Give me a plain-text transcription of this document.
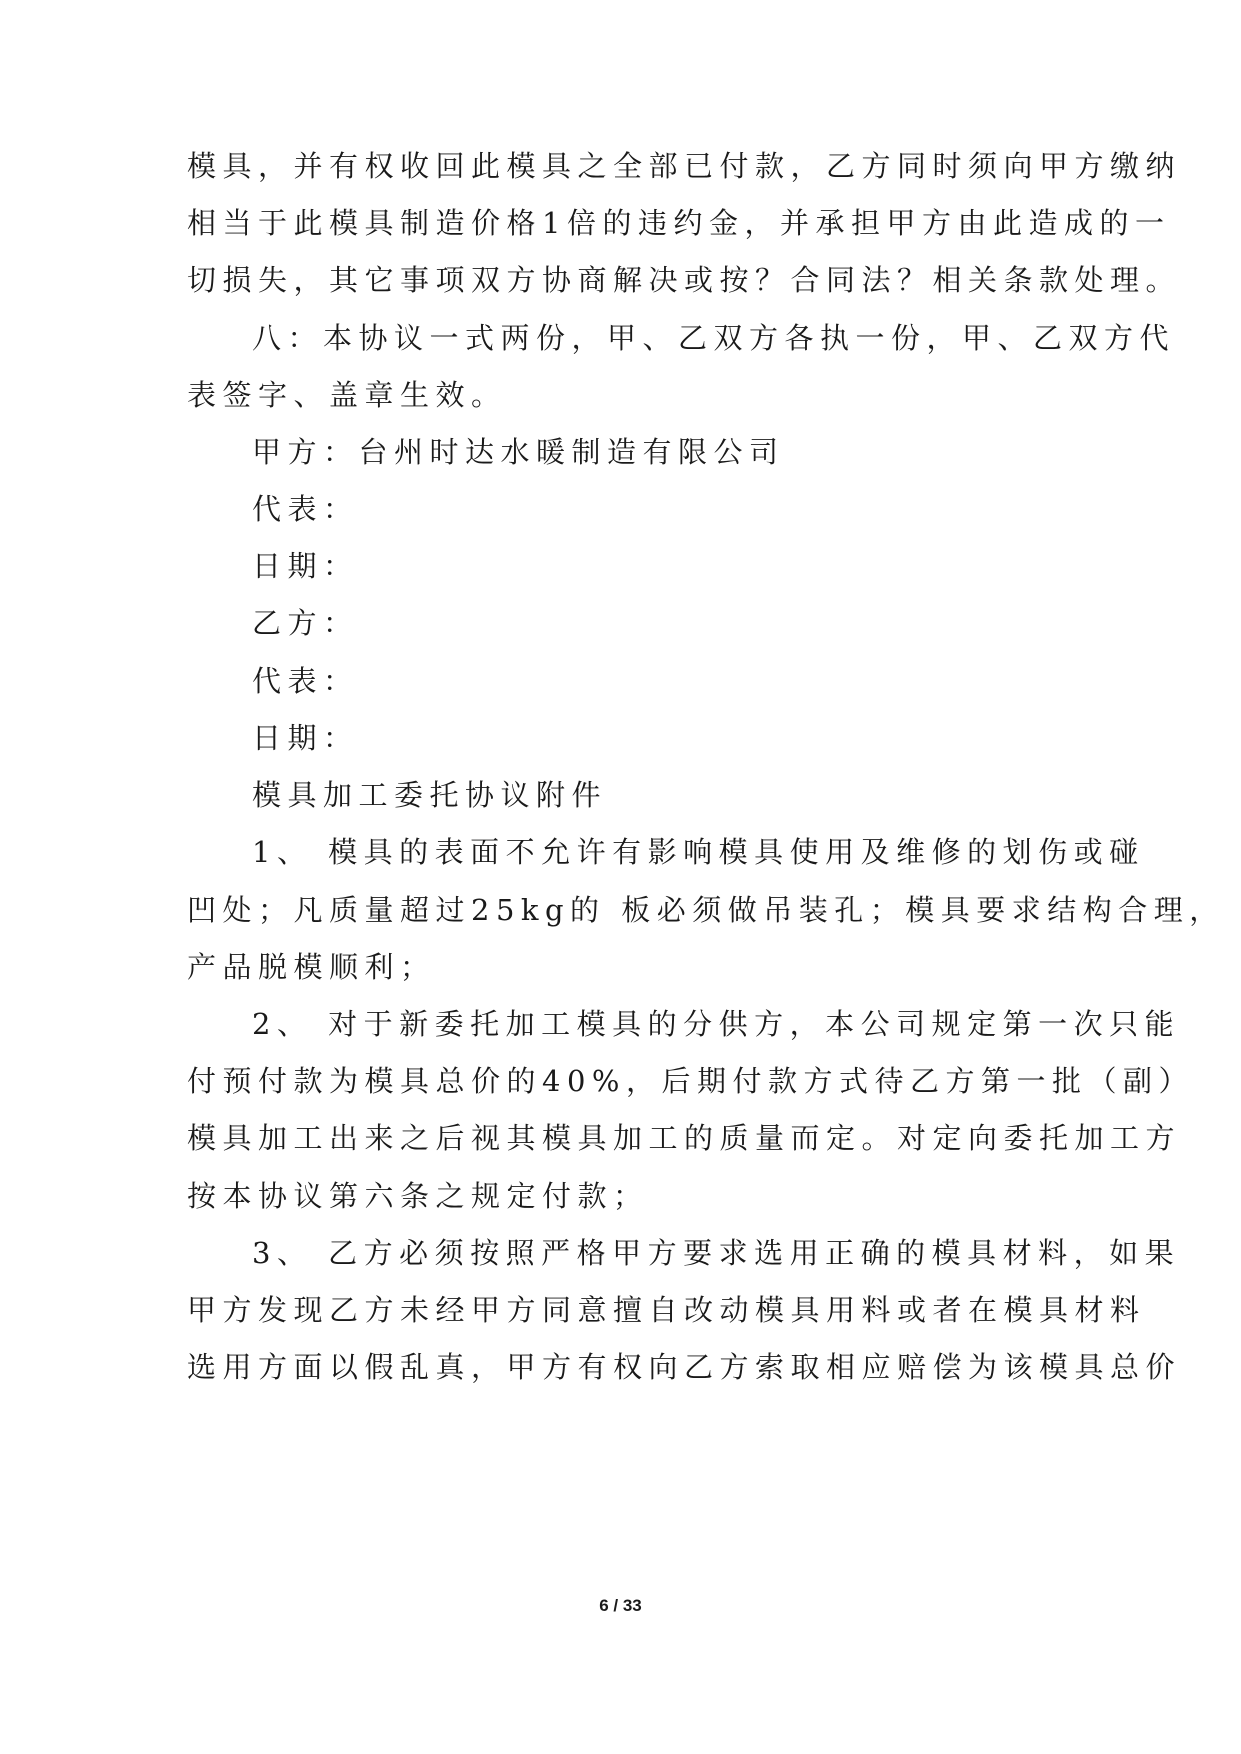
模具，并有权收回此模具之全部已付款，乙方同时须向甲方缴纳
相当于此模具制造价格1倍的违约金，并承担甲方由此造成的一
切损失，其它事项双方协商解决或按？合同法？相关条款处理。
八：本协议一式两份，甲、乙双方各执一份，甲、乙双方代
表签字、盖章生效。
甲方：台州时达水暖制造有限公司
代表：
日期：
乙方：
代表：
日期：
模具加工委托协议附件
1、 模具的表面不允许有影响模具使用及维修的划伤或碰
凹处；凡质量超过25kg的 板必须做吊装孔；模具要求结构合理，
产品脱模顺利；
2、 对于新委托加工模具的分供方，本公司规定第一次只能
付预付款为模具总价的40%，后期付款方式待乙方第一批（副）
模具加工出来之后视其模具加工的质量而定。对定向委托加工方
按本协议第六条之规定付款；
3、 乙方必须按照严格甲方要求选用正确的模具材料，如果
甲方发现乙方未经甲方同意擅自改动模具用料或者在模具材料
选用方面以假乱真，甲方有权向乙方索取相应赔偿为该模具总价
6 / 33
